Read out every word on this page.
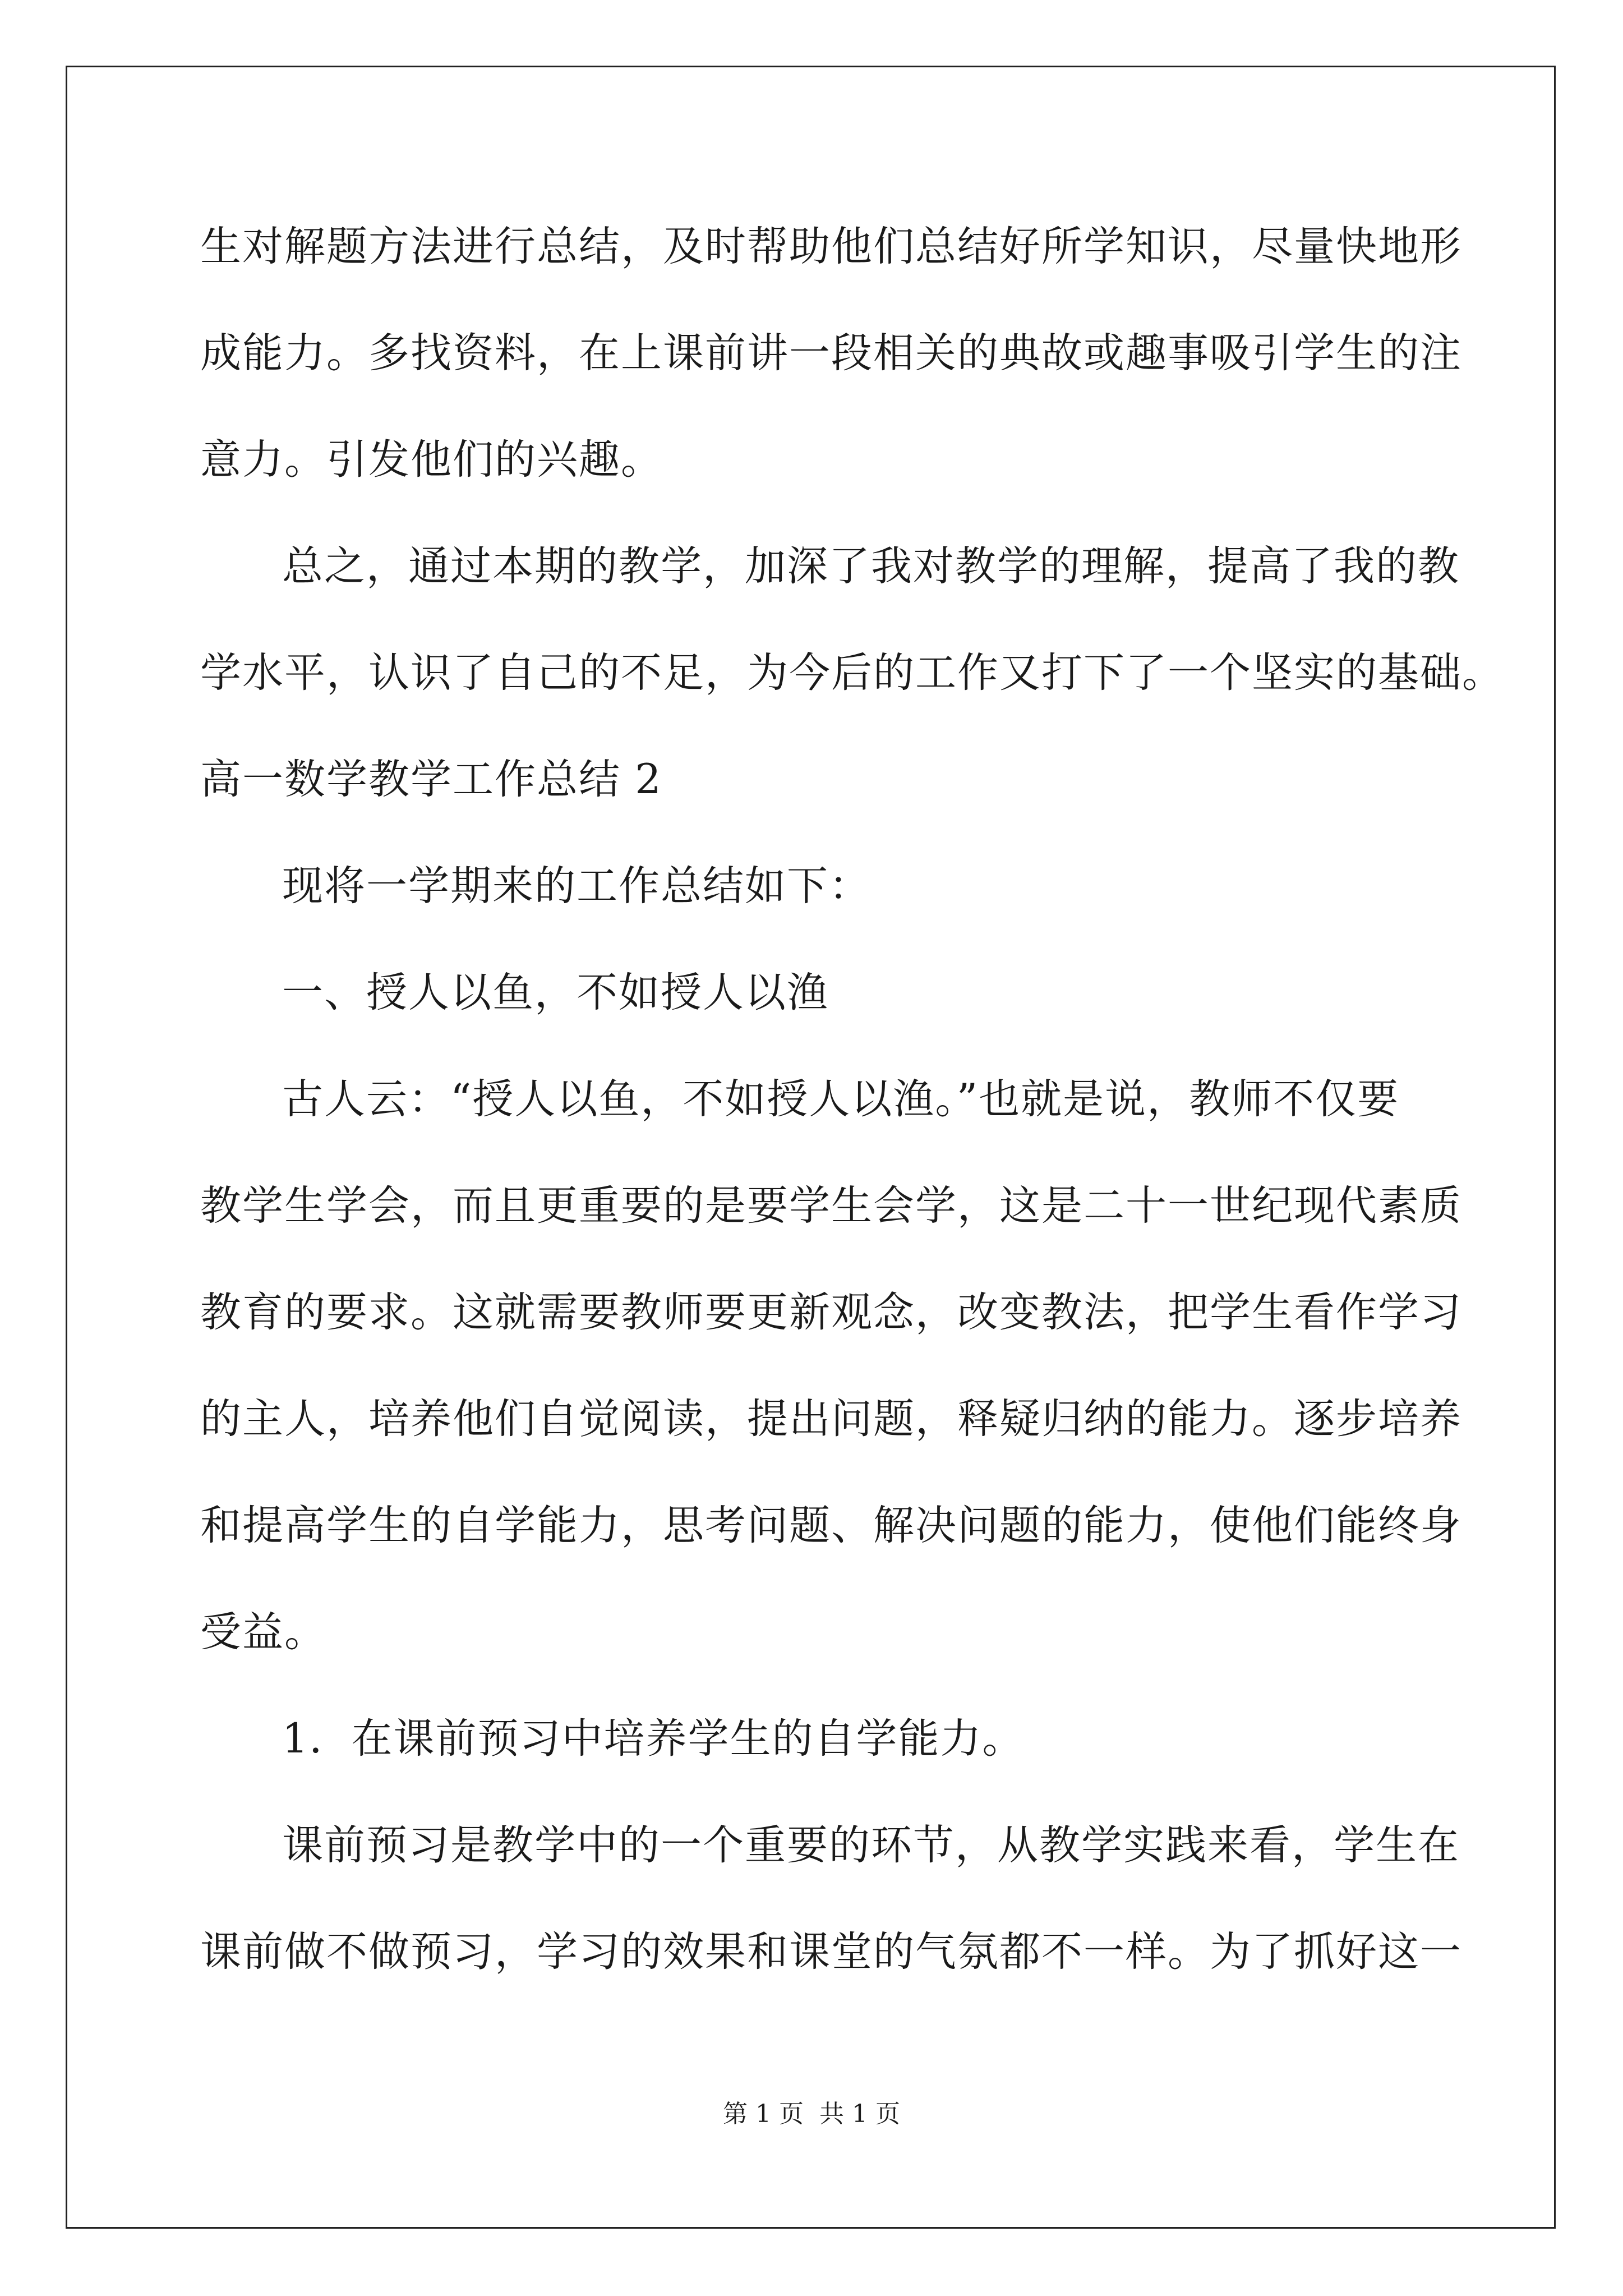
生对解题方法进行总结，及时帮助他们总结好所学知识，尽量快地形
成能力。多找资料，在上课前讲一段相关的典故或趣事吸引学生的注
意力。引发他们的兴趣。
总之，通过本期的教学，加深了我对教学的理解，提高了我的教
学水平，认识了自己的不足，为今后的工作又打下了一个坚实的基础。
高一数学教学工作总结 2
现将一学期来的工作总结如下：
一、授人以鱼，不如授人以渔
古人云：“授人以鱼，不如授人以渔。”也就是说，教师不仅要
教学生学会，而且更重要的是要学生会学，这是二十一世纪现代素质
教育的要求。这就需要教师要更新观念，改变教法，把学生看作学习
的主人，培养他们自觉阅读，提出问题，释疑归纳的能力。逐步培养
和提高学生的自学能力，思考问题、解决问题的能力，使他们能终身
受益。
1．在课前预习中培养学生的自学能力。
课前预习是教学中的一个重要的环节，从教学实践来看，学生在
课前做不做预习，学习的效果和课堂的气氛都不一样。为了抓好这一
第 1 页 共 1 页
